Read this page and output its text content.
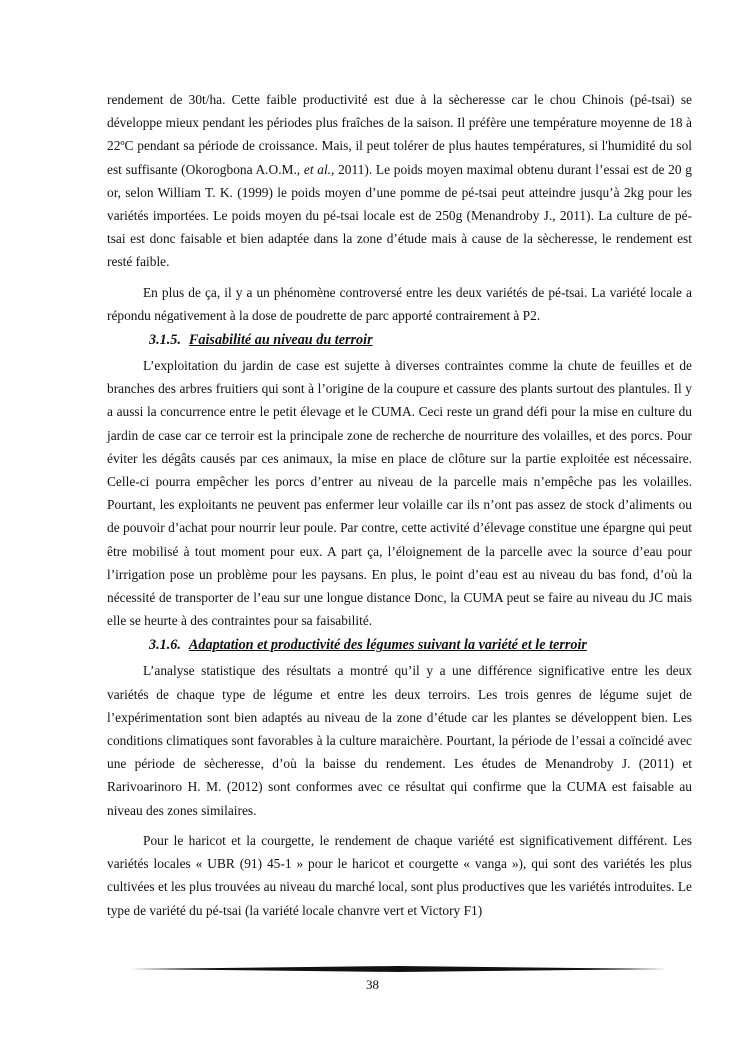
rendement de 30t/ha. Cette faible productivité est due à la sècheresse car le chou Chinois (pé-tsai) se développe mieux pendant les périodes plus fraîches de la saison. Il préfère une température moyenne de 18 à 22ºC pendant sa période de croissance. Mais, il peut tolérer de plus hautes températures, si l'humidité du sol est suffisante (Okorogbona A.O.M., et al., 2011). Le poids moyen maximal obtenu durant l’essai est de 20 g or, selon William T. K. (1999) le poids moyen d’une pomme de pé-tsai peut atteindre jusqu’à 2kg pour les variétés importées. Le poids moyen du pé-tsai locale est de 250g (Menandroby J., 2011). La culture de pé-tsai est donc faisable et bien adaptée dans la zone d’étude mais à cause de la sècheresse, le rendement est resté faible.

En plus de ça, il y a un phénomène controversé entre les deux variétés de pé-tsai. La variété locale a répondu négativement à la dose de poudrette de parc apporté contrairement à P2.

3.1.5. Faisabilité au niveau du terroir

L’exploitation du jardin de case est sujette à diverses contraintes comme la chute de feuilles et de branches des arbres fruitiers qui sont à l’origine de la coupure et cassure des plants surtout des plantules. Il y a aussi la concurrence entre le petit élevage et le CUMA. Ceci reste un grand défi pour la mise en culture du jardin de case car ce terroir est la principale zone de recherche de nourriture des volailles, et des porcs. Pour éviter les dégâts causés par ces animaux, la mise en place de clôture sur la partie exploitée est nécessaire. Celle-ci pourra empêcher les porcs d’entrer au niveau de la parcelle mais n’empêche pas les volailles. Pourtant, les exploitants ne peuvent pas enfermer leur volaille car ils n’ont pas assez de stock d’aliments ou de pouvoir d’achat pour nourrir leur poule. Par contre, cette activité d’élevage constitue une épargne qui peut être mobilisé à tout moment pour eux. A part ça, l’éloignement de la parcelle avec la source d’eau pour l’irrigation pose un problème pour les paysans. En plus, le point d’eau est au niveau du bas fond, d’où la nécessité de transporter de l’eau sur une longue distance Donc, la CUMA peut se faire au niveau du JC mais elle se heurte à des contraintes pour sa faisabilité.

3.1.6. Adaptation et productivité des légumes suivant la variété et le terroir

L’analyse statistique des résultats a montré qu’il y a une différence significative entre les deux variétés de chaque type de légume et entre les deux terroirs. Les trois genres de légume sujet de l’expérimentation sont bien adaptés au niveau de la zone d’étude car les plantes se développent bien. Les conditions climatiques sont favorables à la culture maraichère. Pourtant, la période de l’essai a coïncidé avec une période de sècheresse, d’où la baisse du rendement. Les études de Menandroby J. (2011) et Rarivoarinoro H. M. (2012) sont conformes avec ce résultat qui confirme que la CUMA est faisable au niveau des zones similaires.

Pour le haricot et la courgette, le rendement de chaque variété est significativement différent. Les variétés locales « UBR (91) 45-1 » pour le haricot et courgette « vanga »), qui sont des variétés les plus cultivées et les plus trouvées au niveau du marché local, sont plus productives que les variétés introduites. Le type de variété du pé-tsai (la variété locale chanvre vert et Victory F1)

38
